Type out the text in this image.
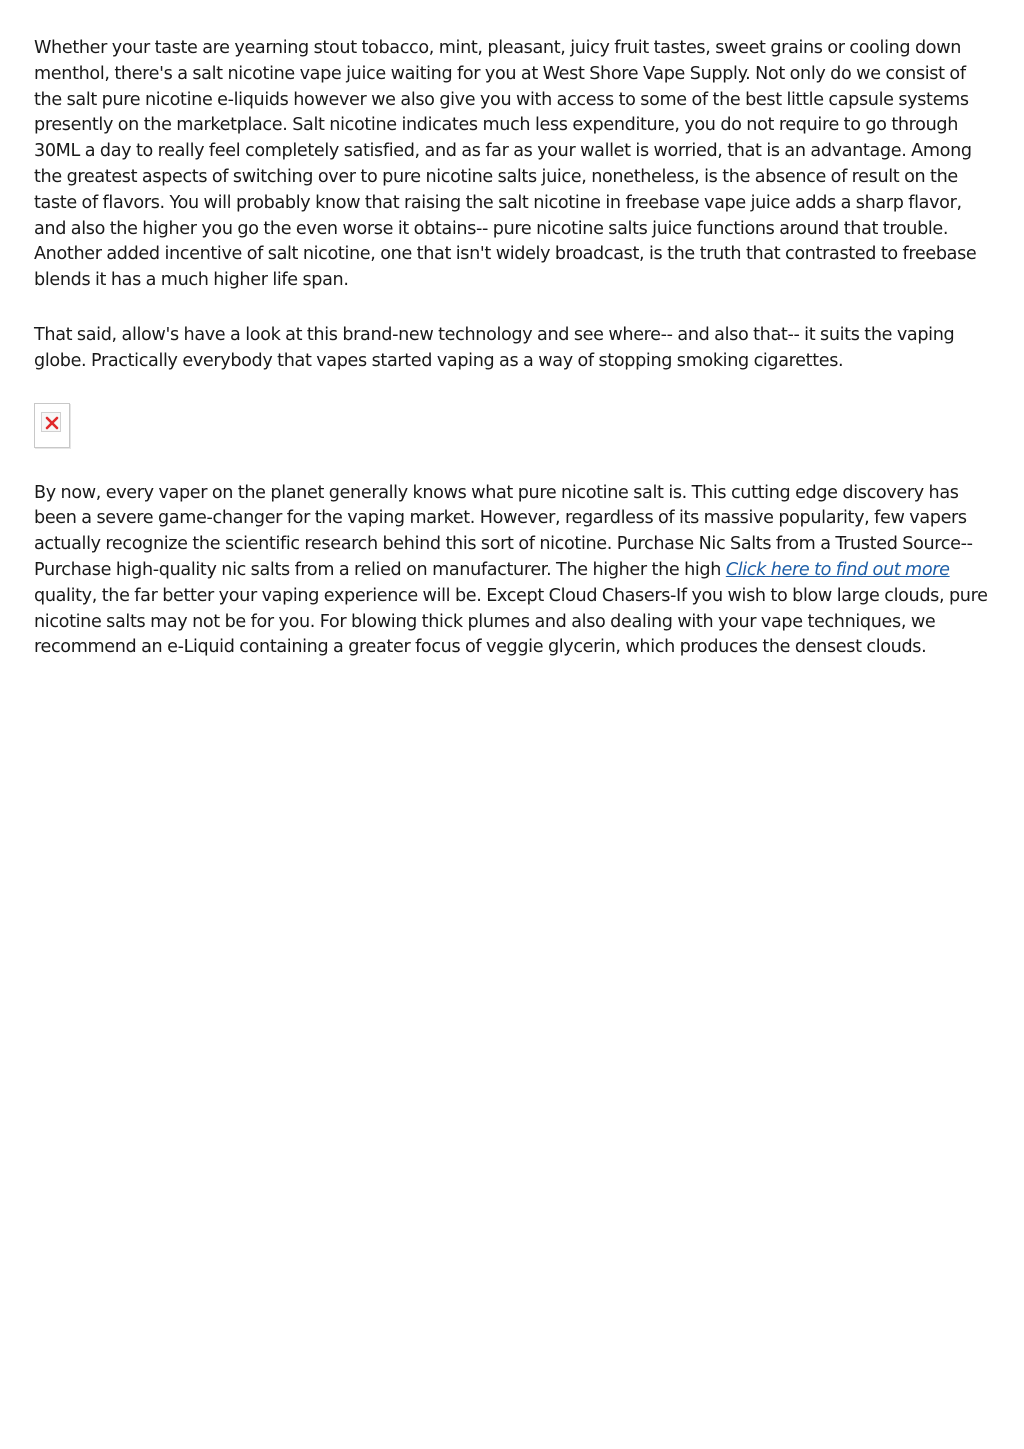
Whether your taste are yearning stout tobacco, mint, pleasant, juicy fruit tastes, sweet grains or cooling down menthol, there's a salt nicotine vape juice waiting for you at West Shore Vape Supply. Not only do we consist of the salt pure nicotine e-liquids however we also give you with access to some of the best little capsule systems presently on the marketplace. Salt nicotine indicates much less expenditure, you do not require to go through 30ML a day to really feel completely satisfied, and as far as your wallet is worried, that is an advantage. Among the greatest aspects of switching over to pure nicotine salts juice, nonetheless, is the absence of result on the taste of flavors. You will probably know that raising the salt nicotine in freebase vape juice adds a sharp flavor, and also the higher you go the even worse it obtains-- pure nicotine salts juice functions around that trouble. Another added incentive of salt nicotine, one that isn't widely broadcast, is the truth that contrasted to freebase blends it has a much higher life span.

That said, allow's have a look at this brand-new technology and see where-- and also that-- it suits the vaping globe. Practically everybody that vapes started vaping as a way of stopping smoking cigarettes.

By now, every vaper on the planet generally knows what pure nicotine salt is. This cutting edge discovery has been a severe game-changer for the vaping market. However, regardless of its massive popularity, few vapers actually recognize the scientific research behind this sort of nicotine. Purchase Nic Salts from a Trusted Source-- Purchase high-quality nic salts from a relied on manufacturer. The higher the high Click here to find out more quality, the far better your vaping experience will be. Except Cloud Chasers-If you wish to blow large clouds, pure nicotine salts may not be for you. For blowing thick plumes and also dealing with your vape techniques, we recommend an e-Liquid containing a greater focus of veggie glycerin, which produces the densest clouds.
